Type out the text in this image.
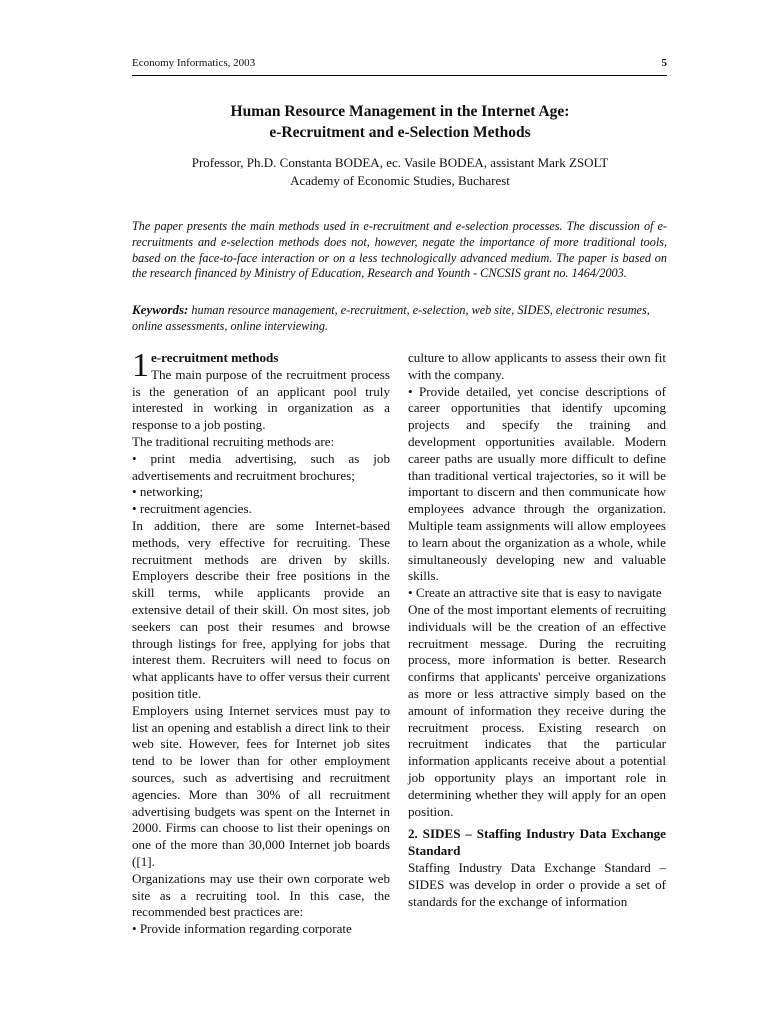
Economy Informatics, 2003	5
Human Resource Management in the Internet Age:
e-Recruitment and e-Selection Methods
Professor, Ph.D. Constanta BODEA, ec. Vasile BODEA, assistant Mark ZSOLT
Academy of Economic Studies, Bucharest
The paper presents the main methods used in e-recruitment and e-selection processes. The discussion of e-recruitments and e-selection methods does not, however, negate the importance of more traditional tools, based on the face-to-face interaction or on a less technologically advanced medium. The paper is based on the research financed by Ministry of Education, Research and Younth - CNCSIS grant no. 1464/2003.
Keywords: human resource management, e-recruitment, e-selection, web site, SIDES, electronic resumes, online assessments, online interviewing.
1 e-recruitment methods

The main purpose of the recruitment process is the generation of an applicant pool truly interested in working in organization as a response to a job posting.

The traditional recruiting methods are:

• print media advertising, such as job advertisements and recruitment brochures;

• networking;

• recruitment agencies.

In addition, there are some Internet-based methods, very effective for recruiting. These recruitment methods are driven by skills. Employers describe their free positions in the skill terms, while applicants provide an extensive detail of their skill. On most sites, job seekers can post their resumes and browse through listings for free, applying for jobs that interest them. Recruiters will need to focus on what applicants have to offer versus their current position title.

Employers using Internet services must pay to list an opening and establish a direct link to their web site. However, fees for Internet job sites tend to be lower than for other employment sources, such as advertising and recruitment agencies. More than 30% of all recruitment advertising budgets was spent on the Internet in 2000. Firms can choose to list their openings on one of the more than 30,000 Internet job boards ([1].

Organizations may use their own corporate web site as a recruiting tool. In this case, the recommended best practices are:

• Provide information regarding corporate

culture to allow applicants to assess their own fit with the company.

• Provide detailed, yet concise descriptions of career opportunities that identify upcoming projects and specify the training and development opportunities available. Modern career paths are usually more difficult to define than traditional vertical trajectories, so it will be important to discern and then communicate how employees advance through the organization. Multiple team assignments will allow employees to learn about the organization as a whole, while simultaneously developing new and valuable skills.

• Create an attractive site that is easy to navigate

One of the most important elements of recruiting individuals will be the creation of an effective recruitment message. During the recruiting process, more information is better. Research confirms that applicants' perceive organizations as more or less attractive simply based on the amount of information they receive during the recruitment process. Existing research on recruitment indicates that the particular information applicants receive about a potential job opportunity plays an important role in determining whether they will apply for an open position.

2. SIDES – Staffing Industry Data Exchange Standard

Staffing Industry Data Exchange Standard – SIDES was develop in order o provide a set of standards for the exchange of information
